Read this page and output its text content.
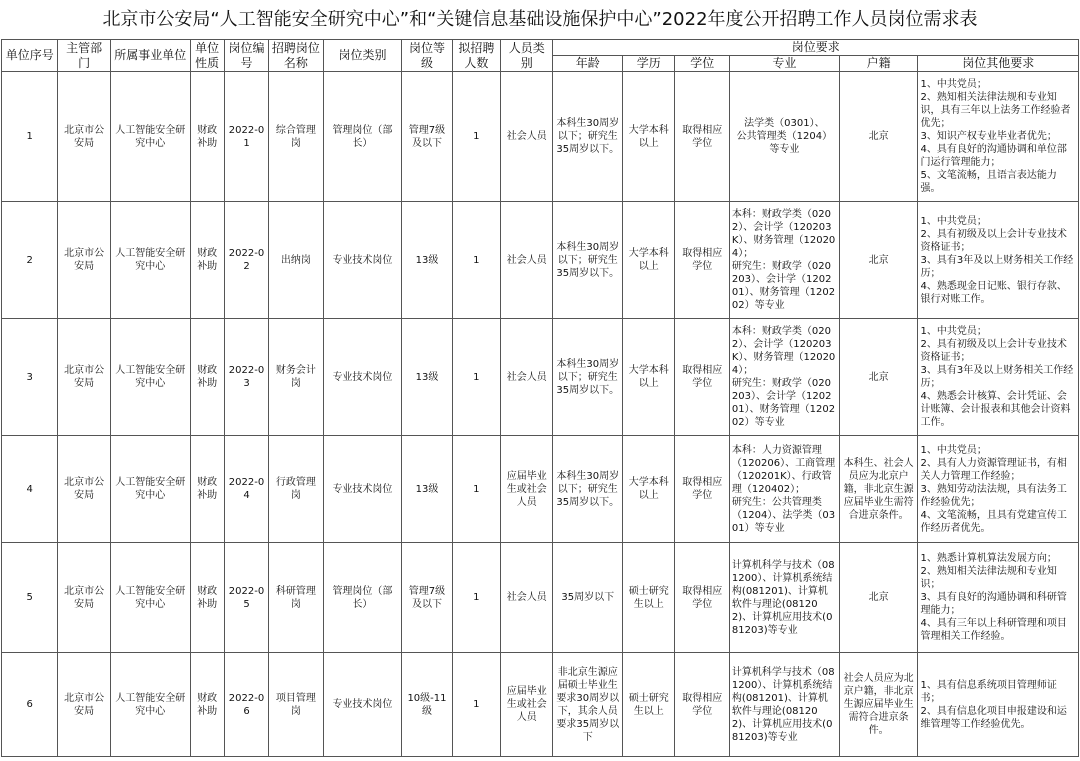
北京市公安局“人工智能安全研究中心”和“关键信息基础设施保护中心”2022年度公开招聘工作人员岗位需求表
单位序号	主管部门	所属事业单位	单位性质	岗位编号	招聘岗位名称	岗位类别	岗位等级	拟招聘人数	人员类别	岗位要求					
										年龄	学历	学位	专业	户籍	岗位其他要求
1	北京市公安局	人工智能安全研究中心	财政补助	2022-01	综合管理岗	管理岗位（部长）	管理7级及以下	1	社会人员	本科生30周岁以下；研究生35周岁以下。	大学本科以上	取得相应学位	法学类（0301）、
公共管理类（1204）等专业	北京	1、中共党员；
2、熟知相关法律法规和专业知识，具有三年以上法务工作经验者优先；
3、知识产权专业毕业者优先；
4、具有良好的沟通协调和单位部门运行管理能力；
5、文笔流畅，且语言表达能力强。
2	北京市公安局	人工智能安全研究中心	财政补助	2022-02	出纳岗	专业技术岗位	13级	1	社会人员	本科生30周岁以下；研究生35周岁以下。	大学本科以上	取得相应学位	本科：财政学类（0202）、会计学（120203K）、财务管理（120204）；
研究生：财政学（020203）、会计学（120201）、财务管理（120202）等专业	北京	1、中共党员；
2、具有初级及以上会计专业技术资格证书；
3、具有3年及以上财务相关工作经历；
4、熟悉现金日记账、银行存款、银行对账工作。
3	北京市公安局	人工智能安全研究中心	财政补助	2022-03	财务会计岗	专业技术岗位	13级	1	社会人员	本科生30周岁以下；研究生35周岁以下。	大学本科以上	取得相应学位	本科：财政学类（0202）、会计学（120203K）、财务管理（120204）；
研究生：财政学（020203）、会计学（120201）、财务管理（120202）等专业	北京	1、中共党员；
2、具有初级及以上会计专业技术资格证书；
3、具有3年及以上财务相关工作经历；
4、熟悉会计核算、会计凭证、会计账簿、会计报表和其他会计资料工作。
4	北京市公安局	人工智能安全研究中心	财政补助	2022-04	行政管理岗	专业技术岗位	13级	1	应届毕业生或社会人员	本科生30周岁以下；研究生35周岁以下。	大学本科以上	取得相应学位	本科：人力资源管理（120206）、工商管理（120201K）、行政管理（120402）；
研究生：公共管理类（1204）、法学类（0301）等专业	本科生、社会人员应为北京户籍，非北京生源应届毕业生需符合进京条件。	1、中共党员；
2、具有人力资源管理证书，有相关人力管理工作经验；
3、熟知劳动法法规，具有法务工作经验优先；
4、文笔流畅，且具有党建宣传工作经历者优先。
5	北京市公安局	人工智能安全研究中心	财政补助	2022-05	科研管理岗	管理岗位（部长）	管理7级及以下	1	社会人员	35周岁以下	硕士研究生以上	取得相应学位	计算机科学与技术（081200）、计算机系统结构(081201)、计算机软件与理论(081202)、计算机应用技术(081203)等专业	北京	1、熟悉计算机算法发展方向；
2、熟知相关法律法规和专业知识；
3、具有良好的沟通协调和科研管理能力；
4、具有三年以上科研管理和项目管理相关工作经验。
6	北京市公安局	人工智能安全研究中心	财政补助	2022-06	项目管理岗	专业技术岗位	10级-11级	1	应届毕业生或社会人员	非北京生源应届硕士毕业生要求30周岁以下，其余人员要求35周岁以下	硕士研究生以上	取得相应学位	计算机科学与技术（081200）、计算机系统结构(081201)、计算机软件与理论(081202)、计算机应用技术(081203)等专业	社会人员应为北京户籍，非北京生源应届毕业生需符合进京条件。	1、具有信息系统项目管理师证书；
2、具有信息化项目申报建设和运维管理等工作经验优先。
